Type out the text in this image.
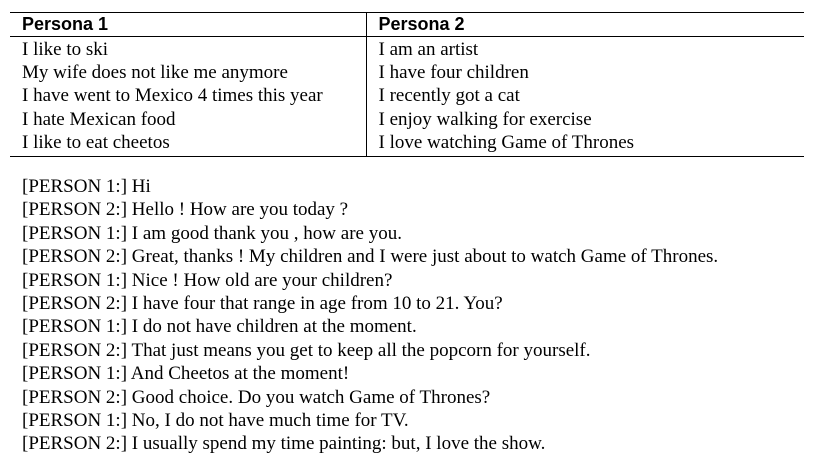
Persona 1	Persona 2
I like to ski	I am an artist
My wife does not like me anymore	I have four children
I have went to Mexico 4 times this year	I recently got a cat
I hate Mexican food	I enjoy walking for exercise
I like to eat cheetos	I love watching Game of Thrones
[PERSON 1:] Hi
[PERSON 2:] Hello ! How are you today ?
[PERSON 1:] I am good thank you , how are you.
[PERSON 2:] Great, thanks ! My children and I were just about to watch Game of Thrones.
[PERSON 1:] Nice ! How old are your children?
[PERSON 2:] I have four that range in age from 10 to 21. You?
[PERSON 1:] I do not have children at the moment.
[PERSON 2:] That just means you get to keep all the popcorn for yourself.
[PERSON 1:] And Cheetos at the moment!
[PERSON 2:] Good choice. Do you watch Game of Thrones?
[PERSON 1:] No, I do not have much time for TV.
[PERSON 2:] I usually spend my time painting: but, I love the show.
